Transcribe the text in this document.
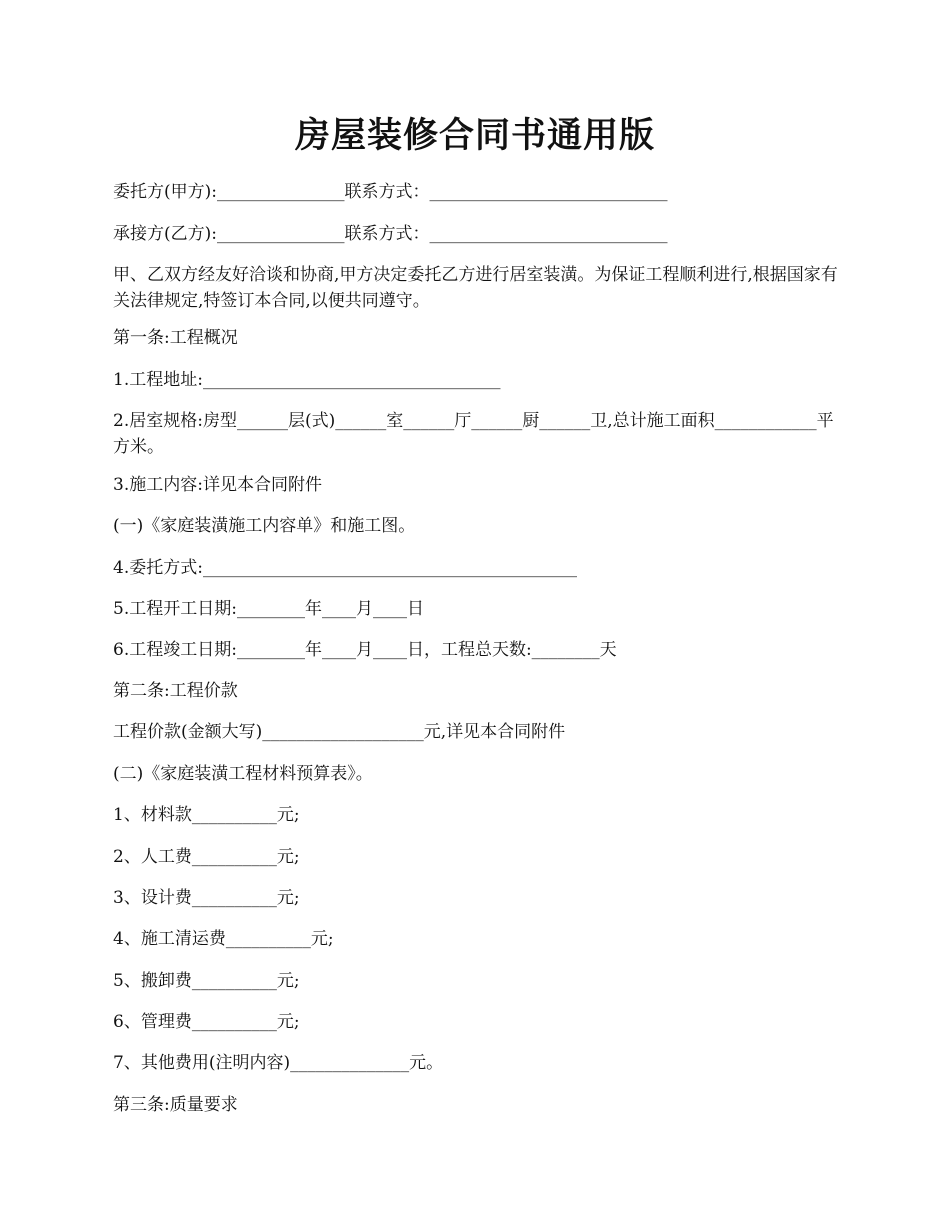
房屋装修合同书通用版

委托方(甲方):_______________联系方式：____________________________

承接方(乙方):_______________联系方式：____________________________

甲、乙双方经友好洽谈和协商,甲方决定委托乙方进行居室装潢。为保证工程顺利进行,根据国家有关法律规定,特签订本合同,以便共同遵守。

第一条:工程概况

1.工程地址:___________________________________

2.居室规格:房型______层(式)______室______厅______厨______卫,总计施工面积____________平方米。

3.施工内容:详见本合同附件

(一)《家庭装潢施工内容单》和施工图。

4.委托方式:____________________________________________

5.工程开工日期:________年____月____日

6.工程竣工日期:________年____月____日，工程总天数:________天

第二条:工程价款

工程价款(金额大写)___________________元,详见本合同附件

(二)《家庭装潢工程材料预算表》。

1、材料款__________元;

2、人工费__________元;

3、设计费__________元;

4、施工清运费__________元;

5、搬卸费__________元;

6、管理费__________元;

7、其他费用(注明内容)______________元。

第三条:质量要求
